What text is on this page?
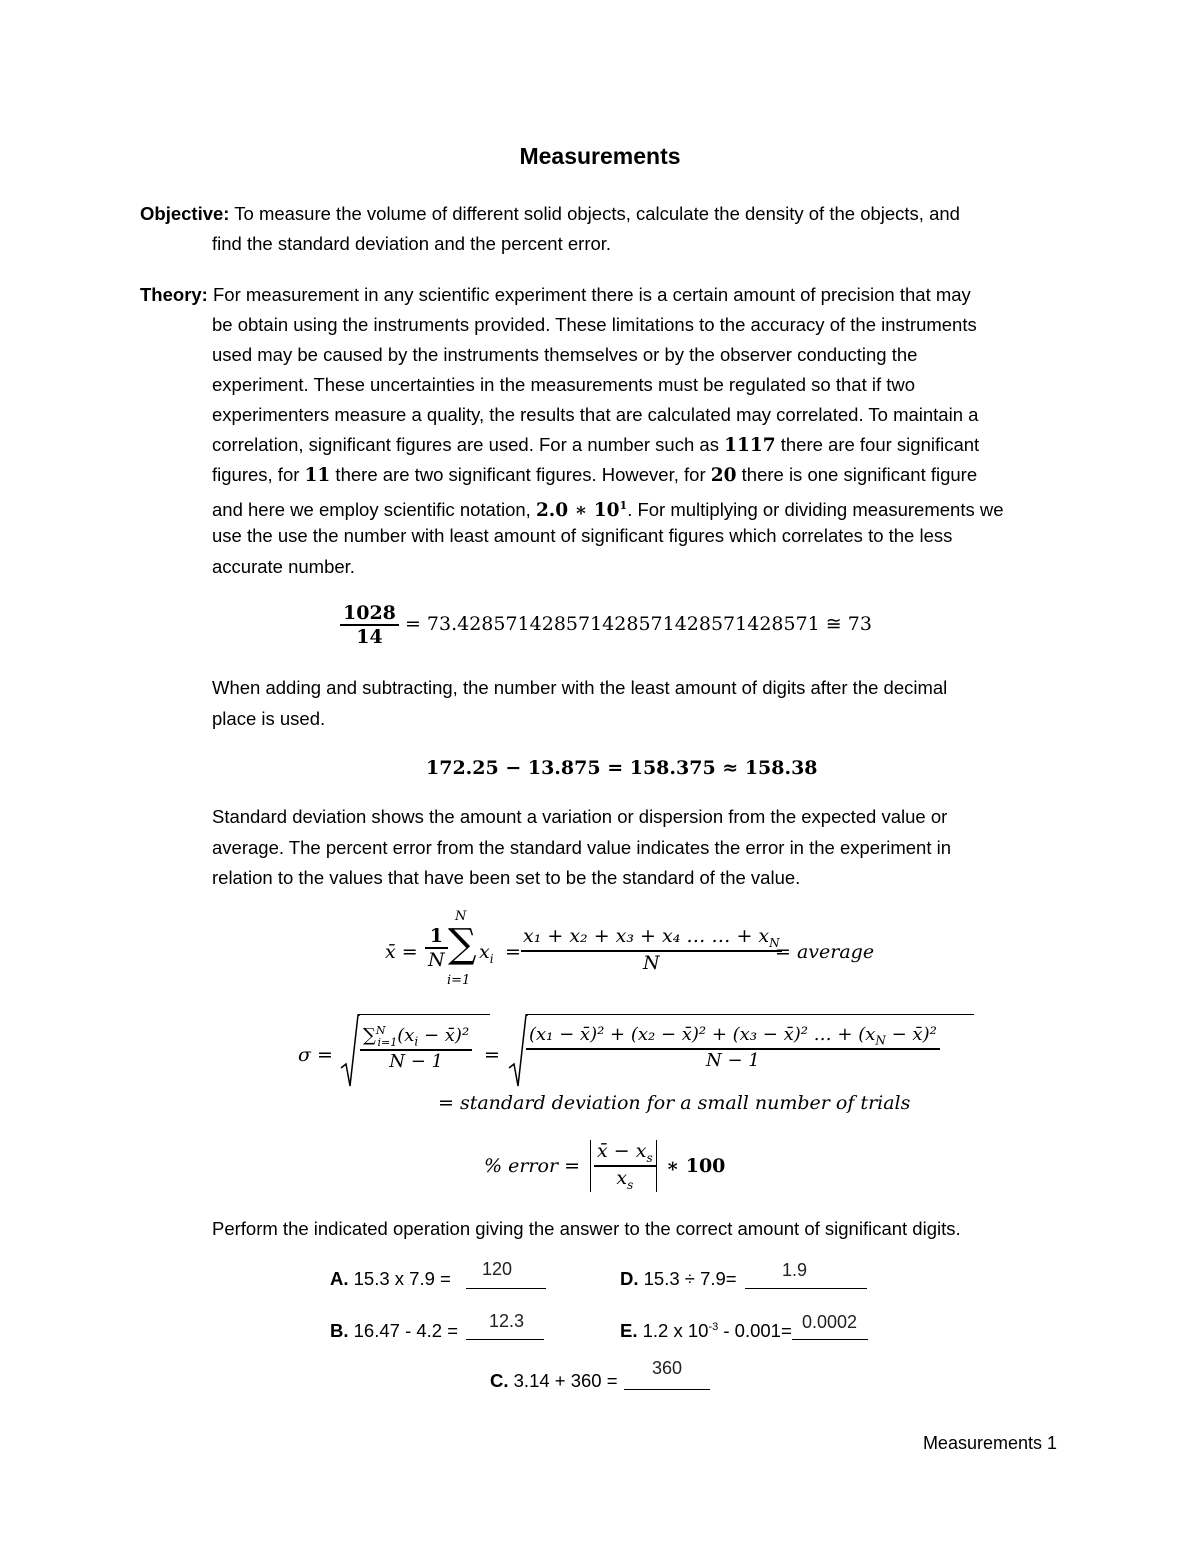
Measurements
Objective: To measure the volume of different solid objects, calculate the density of the objects, and
find the standard deviation and the percent error.
Theory: For measurement in any scientific experiment there is a certain amount of precision that may
be obtain using the instruments provided. These limitations to the accuracy of the instruments
used may be caused by the instruments themselves or by the observer conducting the
experiment. These uncertainties in the measurements must be regulated so that if two
experimenters measure a quality, the results that are calculated may correlated. To maintain a
correlation, significant figures are used. For a number such as 1117 there are four significant
figures, for 11 there are two significant figures. However, for 20 there is one significant figure
and here we employ scientific notation, 2.0 ∗ $10^1$. For multiplying or dividing measurements we
use the use the number with least amount of significant figures which correlates to the less
accurate number.
$\frac{1028}{14} = 73.428571428571428571428571428571$ ≅ 73
When adding and subtracting, the number with the least amount of digits after the decimal
place is used.
172.25 − 13.875 = 158.375 ≈ 158.38
Standard deviation shows the amount a variation or dispersion from the expected value or
average. The percent error from the standard value indicates the error in the experiment in
relation to the values that have been set to be the standard of the value.
x̄ = $\frac{1}{N}$
N
∑
i=1
$x_i = \frac{x_1 + x_2 + x_3 + x_4 \dots \dots + x_N}{N}$
= average
$\sigma = \frac{\sum^N_{i=1}(x_i - x̄)^2}{N - 1} = \frac{(x_1 - x̄)^2 + (x_2 - x̄)^2 + (x_3 - x̄)^2 \dots + (x_N - x̄)^2}{N - 1}$
= standard deviation for a small number of trials
% error = $\frac{x̄ - x_s}{x_s}$ ∗ 100
Perform the indicated operation giving the answer to the correct amount of significant digits.
A. 15.3 x 7.9 = 120	D. 15.3 ÷ 7.9=	1.9
B. 16.47 - 4.2 = 12.3	E. 1.2 x $10^{-3} - 0.001= 0.0002$
C. 3.14 + 360 =
360
Measurements 1
